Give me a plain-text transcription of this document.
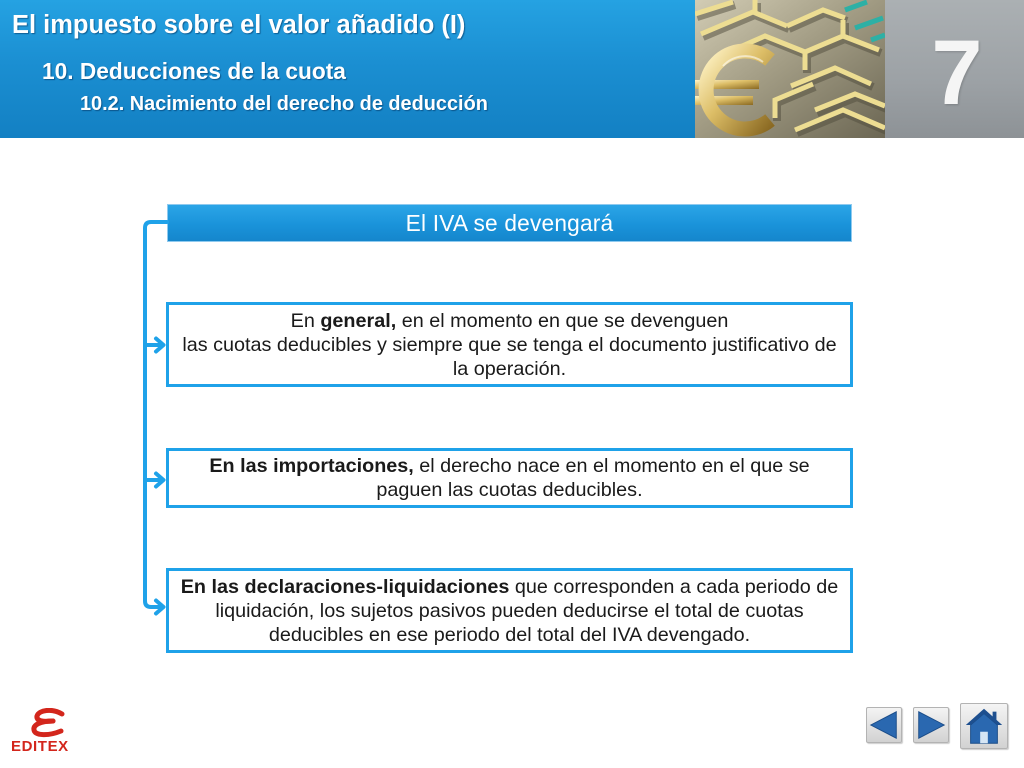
El impuesto sobre el valor añadido (I)
10. Deducciones de la cuota
10.2. Nacimiento del derecho de deducción	7
El IVA se devengará
En general, en el momento en que se devenguen
las cuotas deducibles y siempre que se tenga el documento justificativo de
la operación.
En las importaciones, el derecho nace en el momento en el que se
paguen las cuotas deducibles.
En las declaraciones-liquidaciones que corresponden a cada periodo de
liquidación, los sujetos pasivos pueden deducirse el total de cuotas
deducibles en ese periodo del total del IVA devengado.
EDITEX
